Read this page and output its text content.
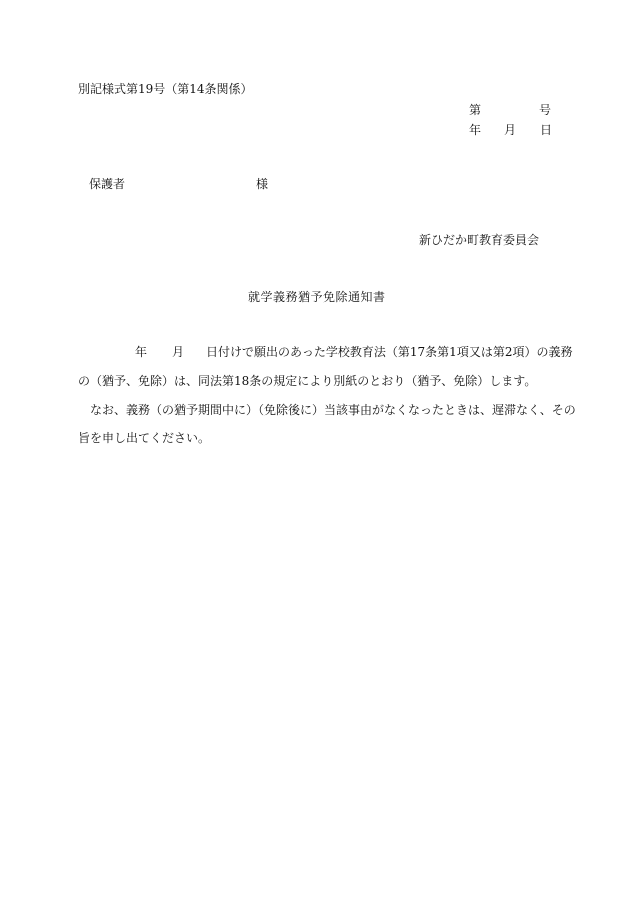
別記様式第19号（第14条関係）
第	号
年 月 日
保護者	様
新ひだか町教育委員会
就学義務猶予免除通知書
年 月 日付けで願出のあった学校教育法（第17条第1項又は第2項）の義務
の（猶予、免除）は、同法第18条の規定により別紙のとおり（猶予、免除）します。
なお、義務（の猶予期間中に）（免除後に）当該事由がなくなったときは、遅滞なく、その
旨を申し出てください。
